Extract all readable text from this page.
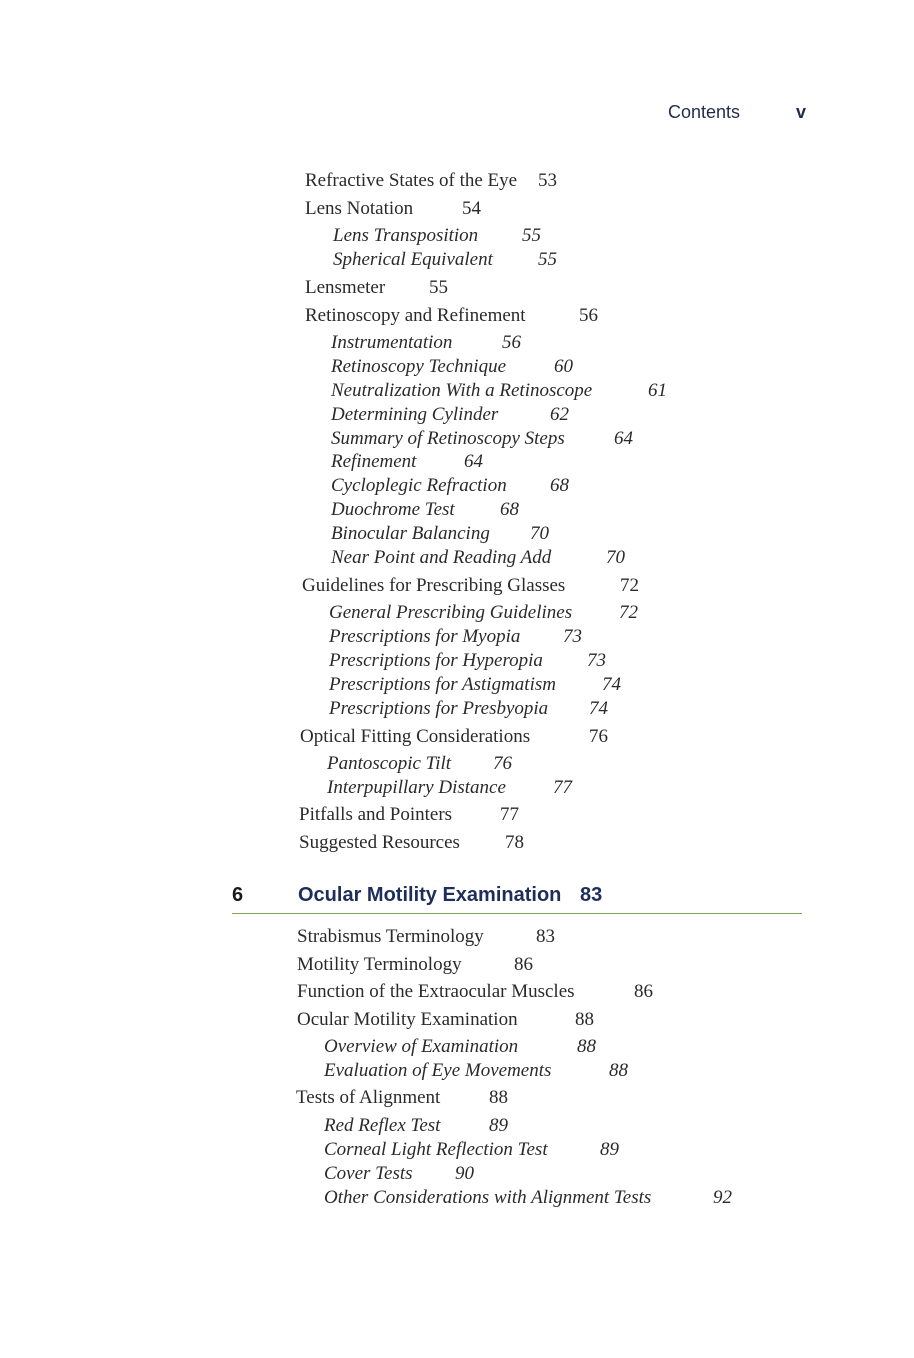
Contents	v
Refractive States of the Eye 53
Lens Notation	54
Lens Transposition 55
Spherical Equivalent 55
Lensmeter 55
Retinoscopy and Refinement	56
Instrumentation	56
Retinoscopy Technique	60
Neutralization With a Retinoscope	61
Determining Cylinder	62
Summary of Retinoscopy Steps	64
Refinement	64
Cycloplegic Refraction 68
Duochrome Test 68
Binocular Balancing 70
Near Point and Reading Add	70
Guidelines for Prescribing Glasses	72
General Prescribing Guidelines 72
Prescriptions for Myopia 73
Prescriptions for Hyperopia 73
Prescriptions for Astigmatism 74
Prescriptions for Presbyopia 74
Optical Fitting Considerations	76
Pantoscopic Tilt 76
Interpupillary Distance 77
Pitfalls and Pointers	77
Suggested Resources 78
6	Ocular Motility Examination 83
Strabismus Terminology	83
Motility Terminology	86
Function of the Extraocular Muscles	86
Ocular Motility Examination	88
Overview of Examination	88
Evaluation of Eye Movements	88
Tests of Alignment	88
Red Reflex Test	89
Corneal Light Reflection Test	89
Cover Tests 90
Other Considerations with Alignment Tests	92
